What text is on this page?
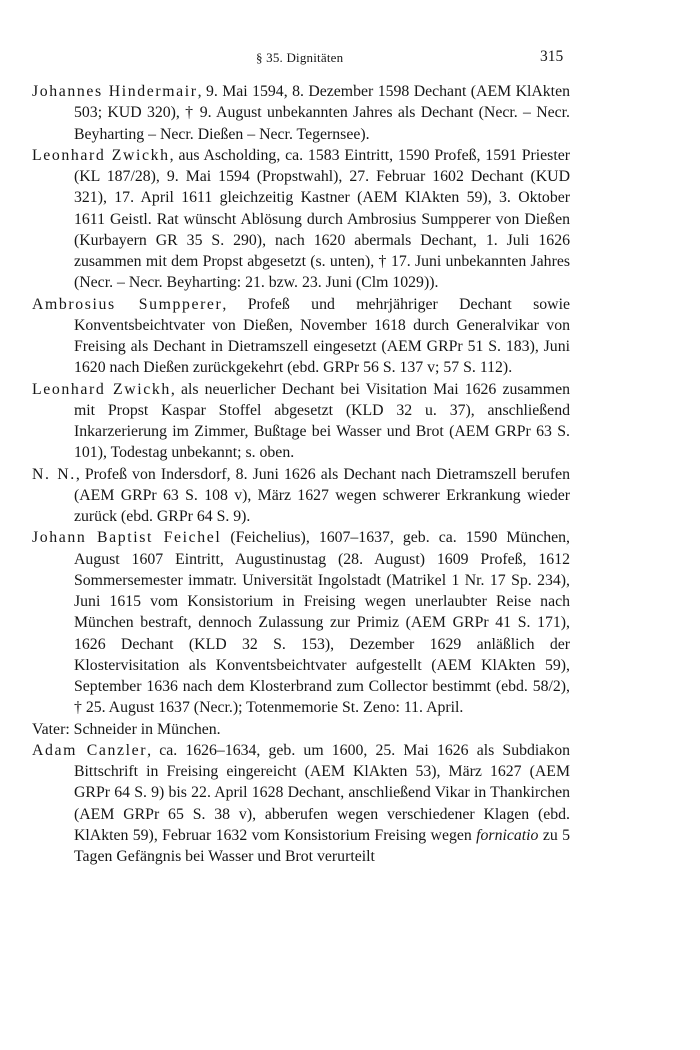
§ 35. Dignitäten	315

Johannes Hindermair, 9. Mai 1594, 8. Dezember 1598 Dechant (AEM KlAkten 503; KUD 320), † 9. August unbekannten Jahres als Dechant (Necr. – Necr. Beyharting – Necr. Dießen – Necr. Tegernsee).

Leonhard Zwickh, aus Ascholding, ca. 1583 Eintritt, 1590 Profeß, 1591 Priester (KL 187/28), 9. Mai 1594 (Propstwahl), 27. Februar 1602 Dechant (KUD 321), 17. April 1611 gleichzeitig Kastner (AEM KlAkten 59), 3. Oktober 1611 Geistl. Rat wünscht Ablösung durch Ambrosius Sumpperer von Dießen (Kurbayern GR 35 S. 290), nach 1620 abermals Dechant, 1. Juli 1626 zusammen mit dem Propst abgesetzt (s. unten), † 17. Juni unbekannten Jahres (Necr. – Necr. Beyharting: 21. bzw. 23. Juni (Clm 1029)).

Ambrosius Sumpperer, Profeß und mehrjähriger Dechant sowie Konventsbeichtvater von Dießen, November 1618 durch Generalvikar von Freising als Dechant in Dietramszell eingesetzt (AEM GRPr 51 S. 183), Juni 1620 nach Dießen zurückgekehrt (ebd. GRPr 56 S. 137 v; 57 S. 112).

Leonhard Zwickh, als neuerlicher Dechant bei Visitation Mai 1626 zusammen mit Propst Kaspar Stoffel abgesetzt (KLD 32 u. 37), anschließend Inkarzerierung im Zimmer, Bußtage bei Wasser und Brot (AEM GRPr 63 S. 101), Todestag unbekannt; s. oben.

N. N., Profeß von Indersdorf, 8. Juni 1626 als Dechant nach Dietramszell berufen (AEM GRPr 63 S. 108 v), März 1627 wegen schwerer Erkrankung wieder zurück (ebd. GRPr 64 S. 9).

Johann Baptist Feichel (Feichelius), 1607–1637, geb. ca. 1590 München, August 1607 Eintritt, Augustinustag (28. August) 1609 Profeß, 1612 Sommersemester immatr. Universität Ingolstadt (Matrikel 1 Nr. 17 Sp. 234), Juni 1615 vom Konsistorium in Freising wegen unerlaubter Reise nach München bestraft, dennoch Zulassung zur Primiz (AEM GRPr 41 S. 171), 1626 Dechant (KLD 32 S. 153), Dezember 1629 anläßlich der Klostervisitation als Konventsbeichtvater aufgestellt (AEM KlAkten 59), September 1636 nach dem Klosterbrand zum Collector bestimmt (ebd. 58/2), † 25. August 1637 (Necr.); Totenmemorie St. Zeno: 11. April.
Vater: Schneider in München.

Adam Canzler, ca. 1626–1634, geb. um 1600, 25. Mai 1626 als Subdiakon Bittschrift in Freising eingereicht (AEM KlAkten 53), März 1627 (AEM GRPr 64 S. 9) bis 22. April 1628 Dechant, anschließend Vikar in Thankirchen (AEM GRPr 65 S. 38 v), abberufen wegen verschiedener Klagen (ebd. KlAkten 59), Februar 1632 vom Konsistorium Freising wegen fornicatio zu 5 Tagen Gefängnis bei Wasser und Brot verurteilt
